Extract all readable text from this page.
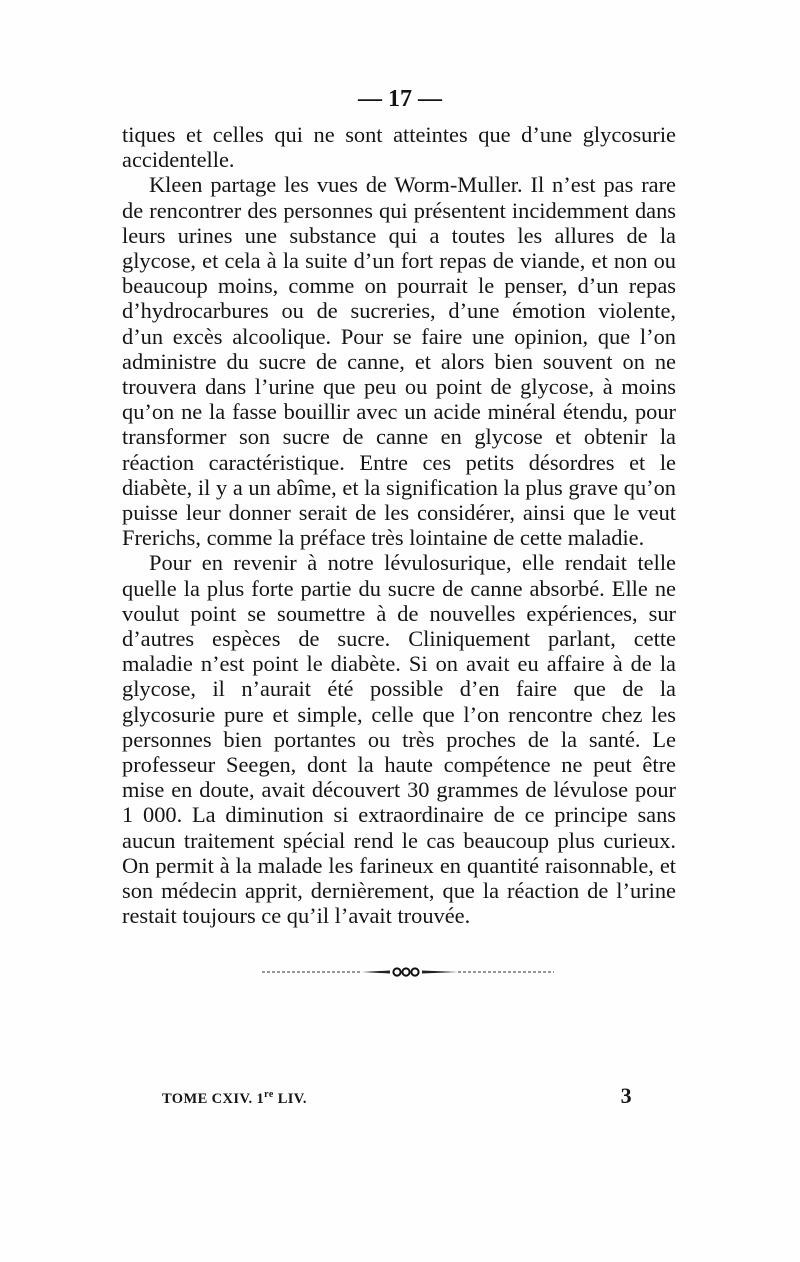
— 17 —

tiques et celles qui ne sont atteintes que d’une glycosurie accidentelle.

Kleen partage les vues de Worm-Muller. Il n’est pas rare de rencontrer des personnes qui présentent incidemment dans leurs urines une substance qui a toutes les allures de la glycose, et cela à la suite d’un fort repas de viande, et non ou beaucoup moins, comme on pourrait le penser, d’un repas d’hydrocarbures ou de sucreries, d’une émotion violente, d’un excès alcoolique. Pour se faire une opinion, que l’on administre du sucre de canne, et alors bien souvent on ne trouvera dans l’urine que peu ou point de glycose, à moins qu’on ne la fasse bouillir avec un acide minéral étendu, pour transformer son sucre de canne en glycose et obtenir la réaction caractéristique. Entre ces petits désordres et le diabète, il y a un abîme, et la signification la plus grave qu’on puisse leur donner serait de les considérer, ainsi que le veut Frerichs, comme la préface très lointaine de cette maladie.

Pour en revenir à notre lévulosurique, elle rendait telle quelle la plus forte partie du sucre de canne absorbé. Elle ne voulut point se soumettre à de nouvelles expériences, sur d’autres espèces de sucre. Cliniquement parlant, cette maladie n’est point le diabète. Si on avait eu affaire à de la glycose, il n’aurait été possible d’en faire que de la glycosurie pure et simple, celle que l’on rencontre chez les personnes bien portantes ou très proches de la santé. Le professeur Seegen, dont la haute compétence ne peut être mise en doute, avait découvert 30 grammes de lévulose pour 1 000. La diminution si extraordinaire de ce principe sans aucun traitement spécial rend le cas beaucoup plus curieux. On permit à la malade les farineux en quantité raisonnable, et son médecin apprit, dernièrement, que la réaction de l’urine restait toujours ce qu’il l’avait trouvée.

TOME CXIV. 1re LIV.	3
